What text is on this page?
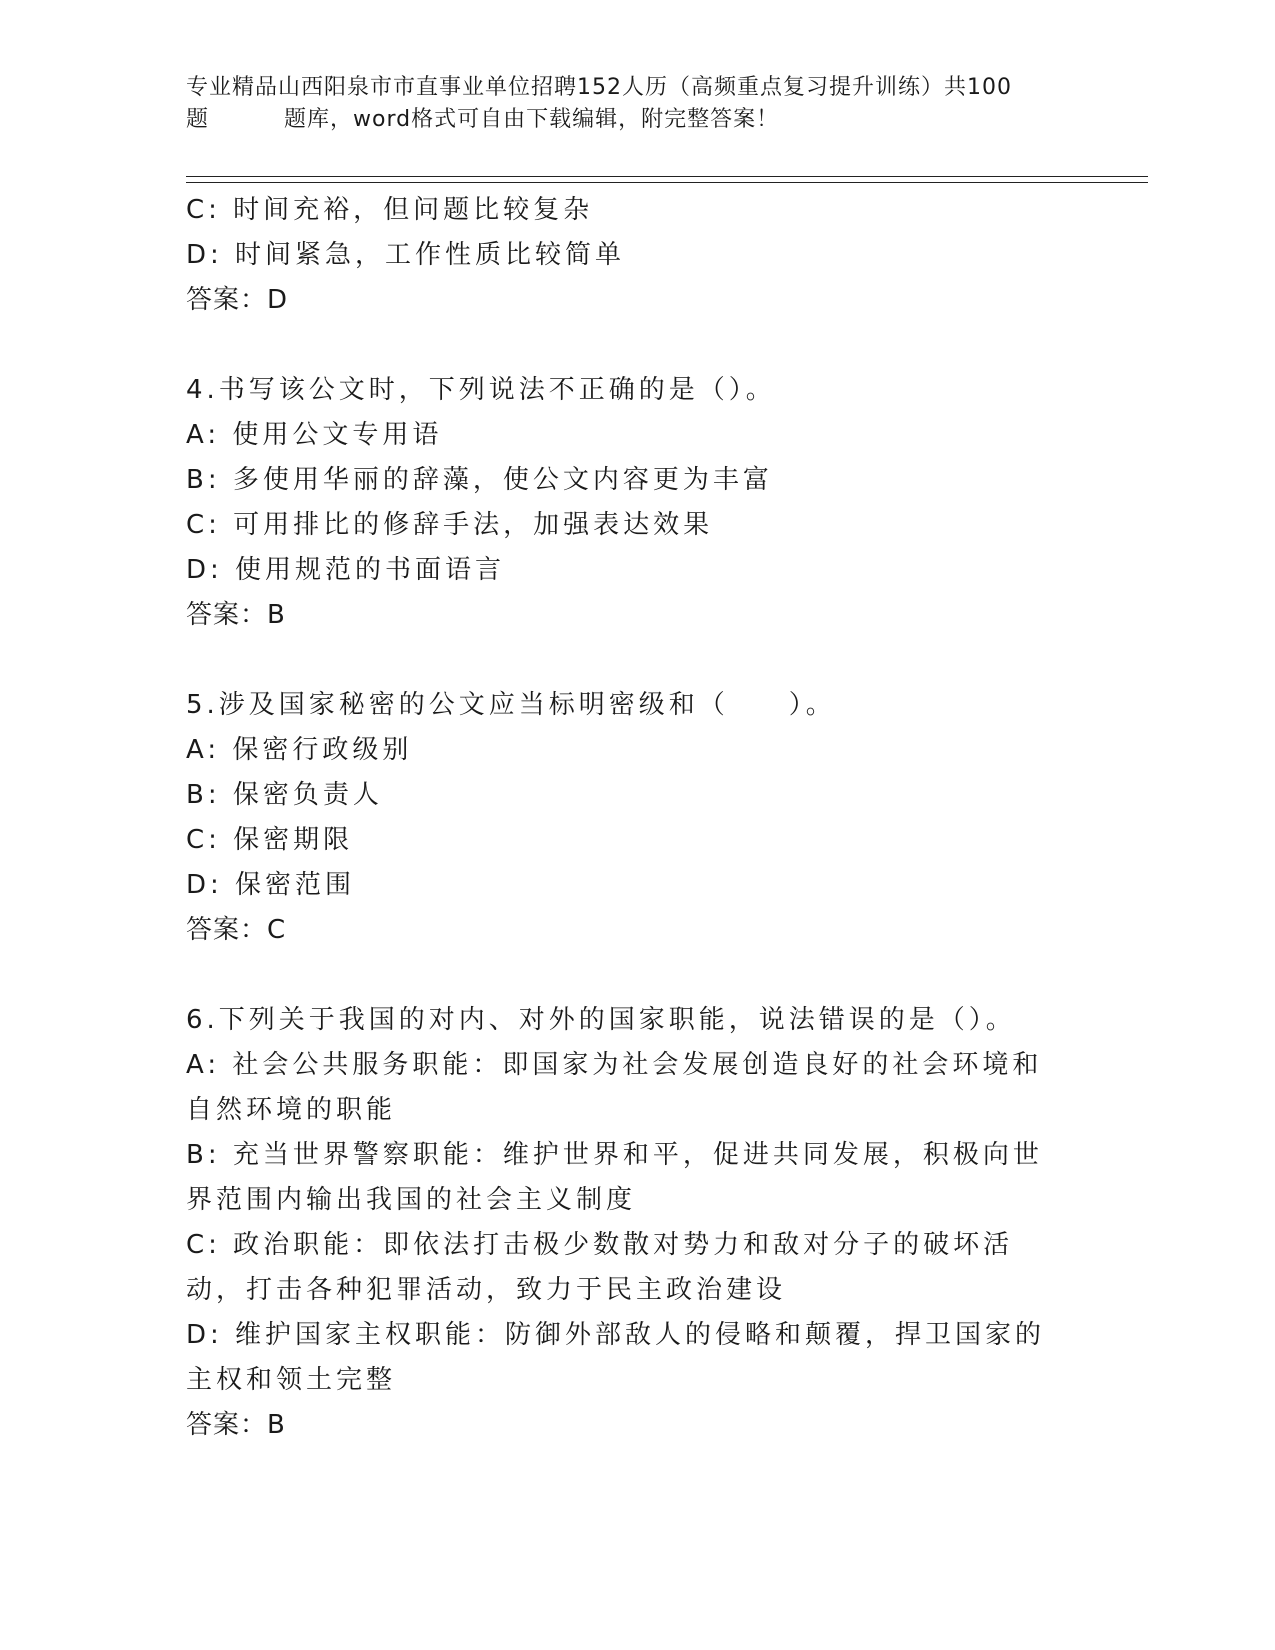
专业精品山西阳泉市市直事业单位招聘152人历（高频重点复习提升训练）共100
题	题库，word格式可自由下载编辑，附完整答案！
C: 时间充裕，但问题比较复杂
D: 时间紧急，工作性质比较简单
答案：D
4.书写该公文时，下列说法不正确的是（）。
A: 使用公文专用语
B: 多使用华丽的辞藻，使公文内容更为丰富
C: 可用排比的修辞手法，加强表达效果
D: 使用规范的书面语言
答案：B
5.涉及国家秘密的公文应当标明密级和（　　）。
A: 保密行政级别
B: 保密负责人
C: 保密期限
D: 保密范围
答案：C
6.下列关于我国的对内、对外的国家职能，说法错误的是（）。
A: 社会公共服务职能：即国家为社会发展创造良好的社会环境和自然环境的职能
B: 充当世界警察职能：维护世界和平，促进共同发展，积极向世界范围内输出我国的社会主义制度
C: 政治职能：即依法打击极少数散对势力和敌对分子的破坏活动，打击各种犯罪活动，致力于民主政治建设
D: 维护国家主权职能：防御外部敌人的侵略和颠覆，捍卫国家的主权和领土完整
答案：B
